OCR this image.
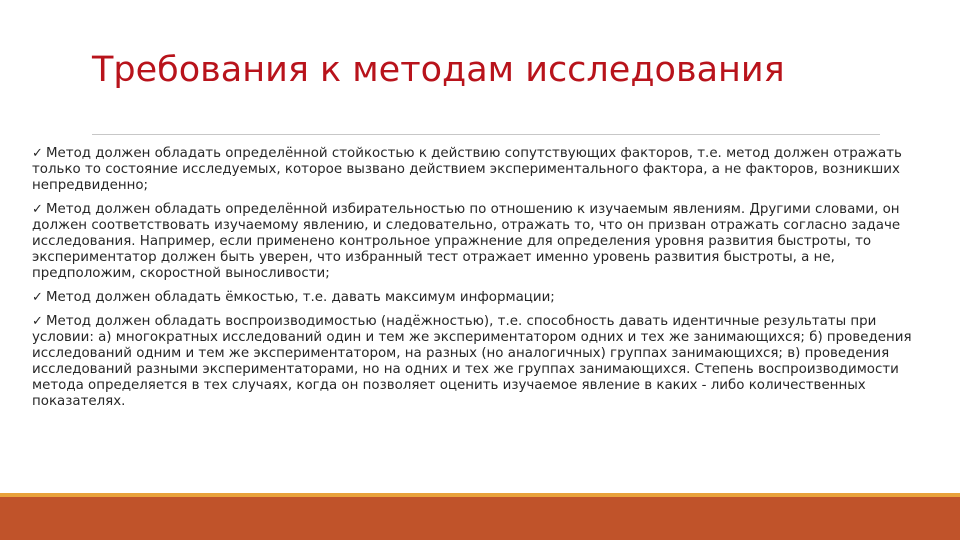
Требования к методам исследования
✓ Метод должен обладать определённой стойкостью к действию сопутствующих факторов, т.е. метод должен отражать только то состояние исследуемых, которое вызвано действием экспериментального фактора, а не факторов, возникших непредвиденно;
✓ Метод должен обладать определённой избирательностью по отношению к изучаемым явлениям. Другими словами, он должен соответствовать изучаемому явлению, и следовательно, отражать то, что он призван отражать согласно задаче исследования. Например, если применено контрольное упражнение для определения уровня развития быстроты, то экспериментатор должен быть уверен, что избранный тест отражает именно уровень развития быстроты, а не, предположим, скоростной выносливости;
✓ Метод должен обладать ёмкостью, т.е. давать максимум информации;
✓ Метод должен обладать воспроизводимостью (надёжностью), т.е. способность давать идентичные результаты при условии: а) многократных исследований один и тем же экспериментатором одних и тех же занимающихся; б) проведения исследований одним и тем же экспериментатором, на разных (но аналогичных) группах занимающихся; в) проведения исследований разными экспериментаторами, но на одних и тех же группах занимающихся. Степень воспроизводимости метода определяется в тех случаях, когда он позволяет оценить изучаемое явление в каких - либо количественных показателях.
